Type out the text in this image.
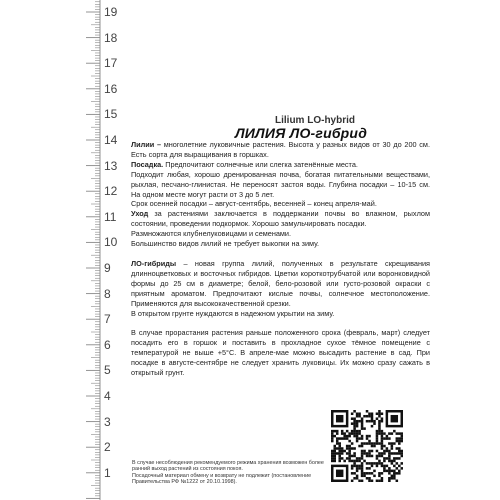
19
18
17
16
15
14
13
12
11
10
9
8
7
6
5
4
3
2
1
Lilium LO-hybrid
ЛИЛИЯ ЛО-гибрид

Лилии – многолетние луковичные растения. Высота у разных видов от 30 до 200 см. Есть сорта для выращивания в горшках.

Посадка. Предпочитают солнечные или слегка затенённые места.

Подходит любая, хорошо дренированная почва, богатая питательными веществами, рыхлая, песчано-глинистая. Не переносят застоя воды. Глубина посадки – 10-15 см. На одном месте могут расти от 3 до 5 лет.

Срок осенней посадки – август-сентябрь, весенней – конец апреля-май.

Уход за растениями заключается в поддержании почвы во влажном, рыхлом состоянии, проведении подкормок. Хорошо замульчировать посадки.

Размножаются клубнелуковицами и семенами.

Большинство видов лилий не требует выкопки на зиму.

ЛО-гибриды – новая группа лилий, полученных в результате скрещивания длинноцветковых и восточных гибридов. Цветки короткотрубчатой или воронковидной формы до 25 см в диаметре; белой, бело-розовой или густо-розовой окраски с приятным ароматом. Предпочитают кислые почвы, солнечное местоположение. Применяются для высококачественной срезки.

В открытом грунте нуждаются в надежном укрытии на зиму.

В случае прорастания растения раньше положенного срока (февраль, март) следует посадить его в горшок и поставить в прохладное сухое тёмное помещение с температурой не выше +5°С. В апреле-мае можно высадить растение в сад. При посадке в августе-сентябре не следует хранить луковицы. Их можно сразу сажать в открытый грунт.

В случае несоблюдения рекомендуемого режима хранения возможен более ранний выход растений из состояния покоя.

Посадочный материал обмену и возврату не подлежит (постановление Правительства РФ №1222 от 20.10.1998).
